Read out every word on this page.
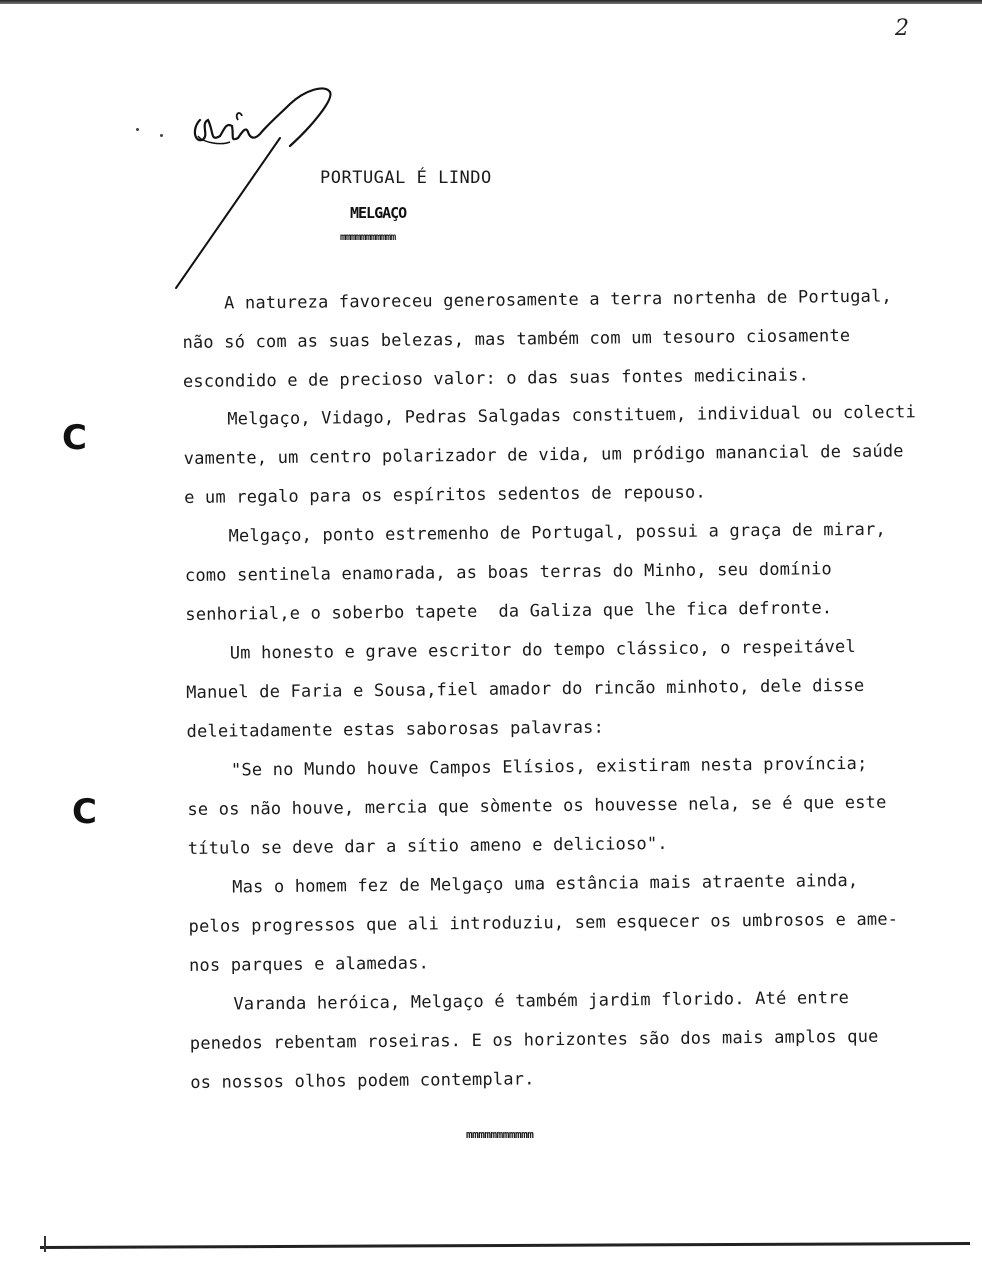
2
PORTUGAL É LINDO
MELGAÇO
mmmmmmmmmmm
C
C
A natureza favoreceu generosamente a terra nortenha de Portugal,
não só com as suas belezas, mas também com um tesouro ciosamente
escondido e de precioso valor: o das suas fontes medicinais.
Melgaço, Vidago, Pedras Salgadas constituem, individual ou colecti
vamente, um centro polarizador de vida, um pródigo manancial de saúde
e um regalo para os espíritos sedentos de repouso.
Melgaço, ponto estremenho de Portugal, possui a graça de mirar,
como sentinela enamorada, as boas terras do Minho, seu domínio
senhorial,e o soberbo tapete  da Galiza que lhe fica defronte.
Um honesto e grave escritor do tempo clássico, o respeitável
Manuel de Faria e Sousa,fiel amador do rincão minhoto, dele disse
deleitadamente estas saborosas palavras:
"Se no Mundo houve Campos Elísios, existiram nesta província;
se os não houve, mercia que sòmente os houvesse nela, se é que este
título se deve dar a sítio ameno e delicioso".
Mas o homem fez de Melgaço uma estância mais atraente ainda,
pelos progressos que ali introduziu, sem esquecer os umbrosos e ame-
nos parques e alamedas.
Varanda heróica, Melgaço é também jardim florido. Até entre
penedos rebentam roseiras. E os horizontes são dos mais amplos que
os nossos olhos podem contemplar.
mmmmmmmmmmm
